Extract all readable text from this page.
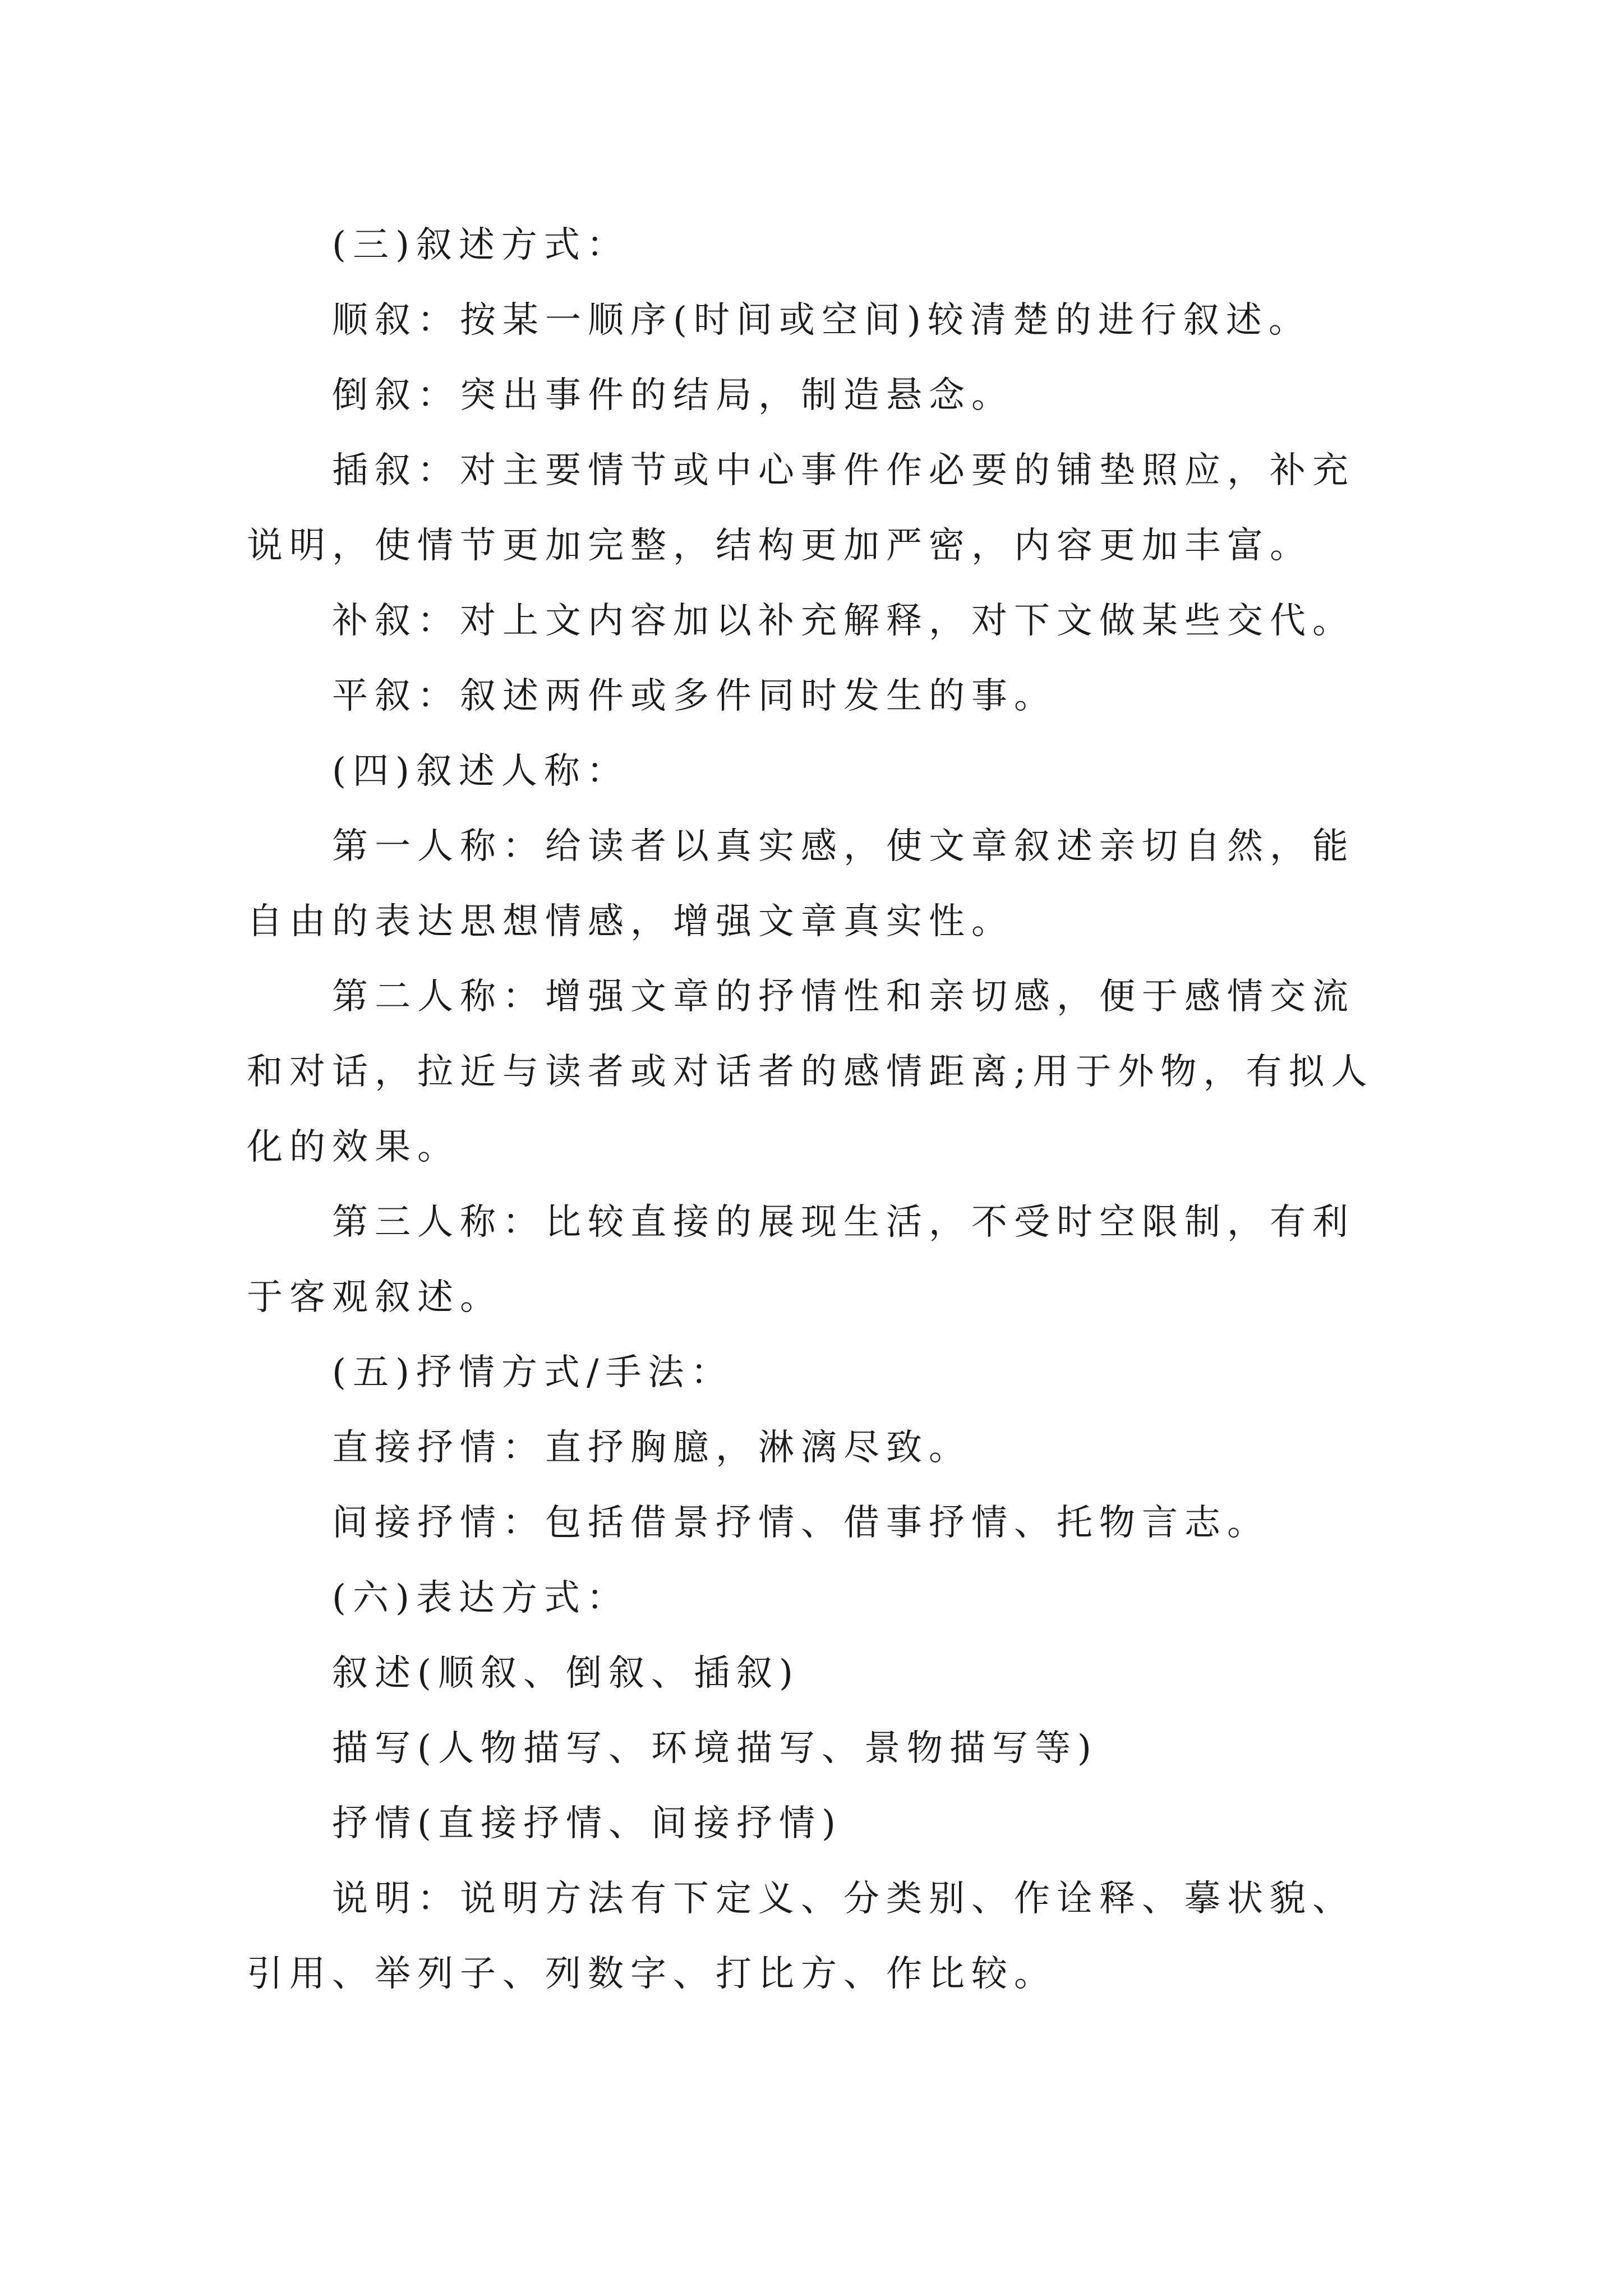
(三)叙述方式：

顺叙：按某一顺序(时间或空间)较清楚的进行叙述。

倒叙：突出事件的结局，制造悬念。

插叙：对主要情节或中心事件作必要的铺垫照应，补充说明，使情节更加完整，结构更加严密，内容更加丰富。

补叙：对上文内容加以补充解释，对下文做某些交代。

平叙：叙述两件或多件同时发生的事。

(四)叙述人称：

第一人称：给读者以真实感，使文章叙述亲切自然，能自由的表达思想情感，增强文章真实性。

第二人称：增强文章的抒情性和亲切感，便于感情交流和对话，拉近与读者或对话者的感情距离;用于外物，有拟人化的效果。

第三人称：比较直接的展现生活，不受时空限制，有利于客观叙述。

(五)抒情方式/手法：

直接抒情：直抒胸臆，淋漓尽致。

间接抒情：包括借景抒情、借事抒情、托物言志。

(六)表达方式：

叙述(顺叙、倒叙、插叙)

描写(人物描写、环境描写、景物描写等)

抒情(直接抒情、间接抒情)

说明：说明方法有下定义、分类别、作诠释、摹状貌、引用、举列子、列数字、打比方、作比较。
